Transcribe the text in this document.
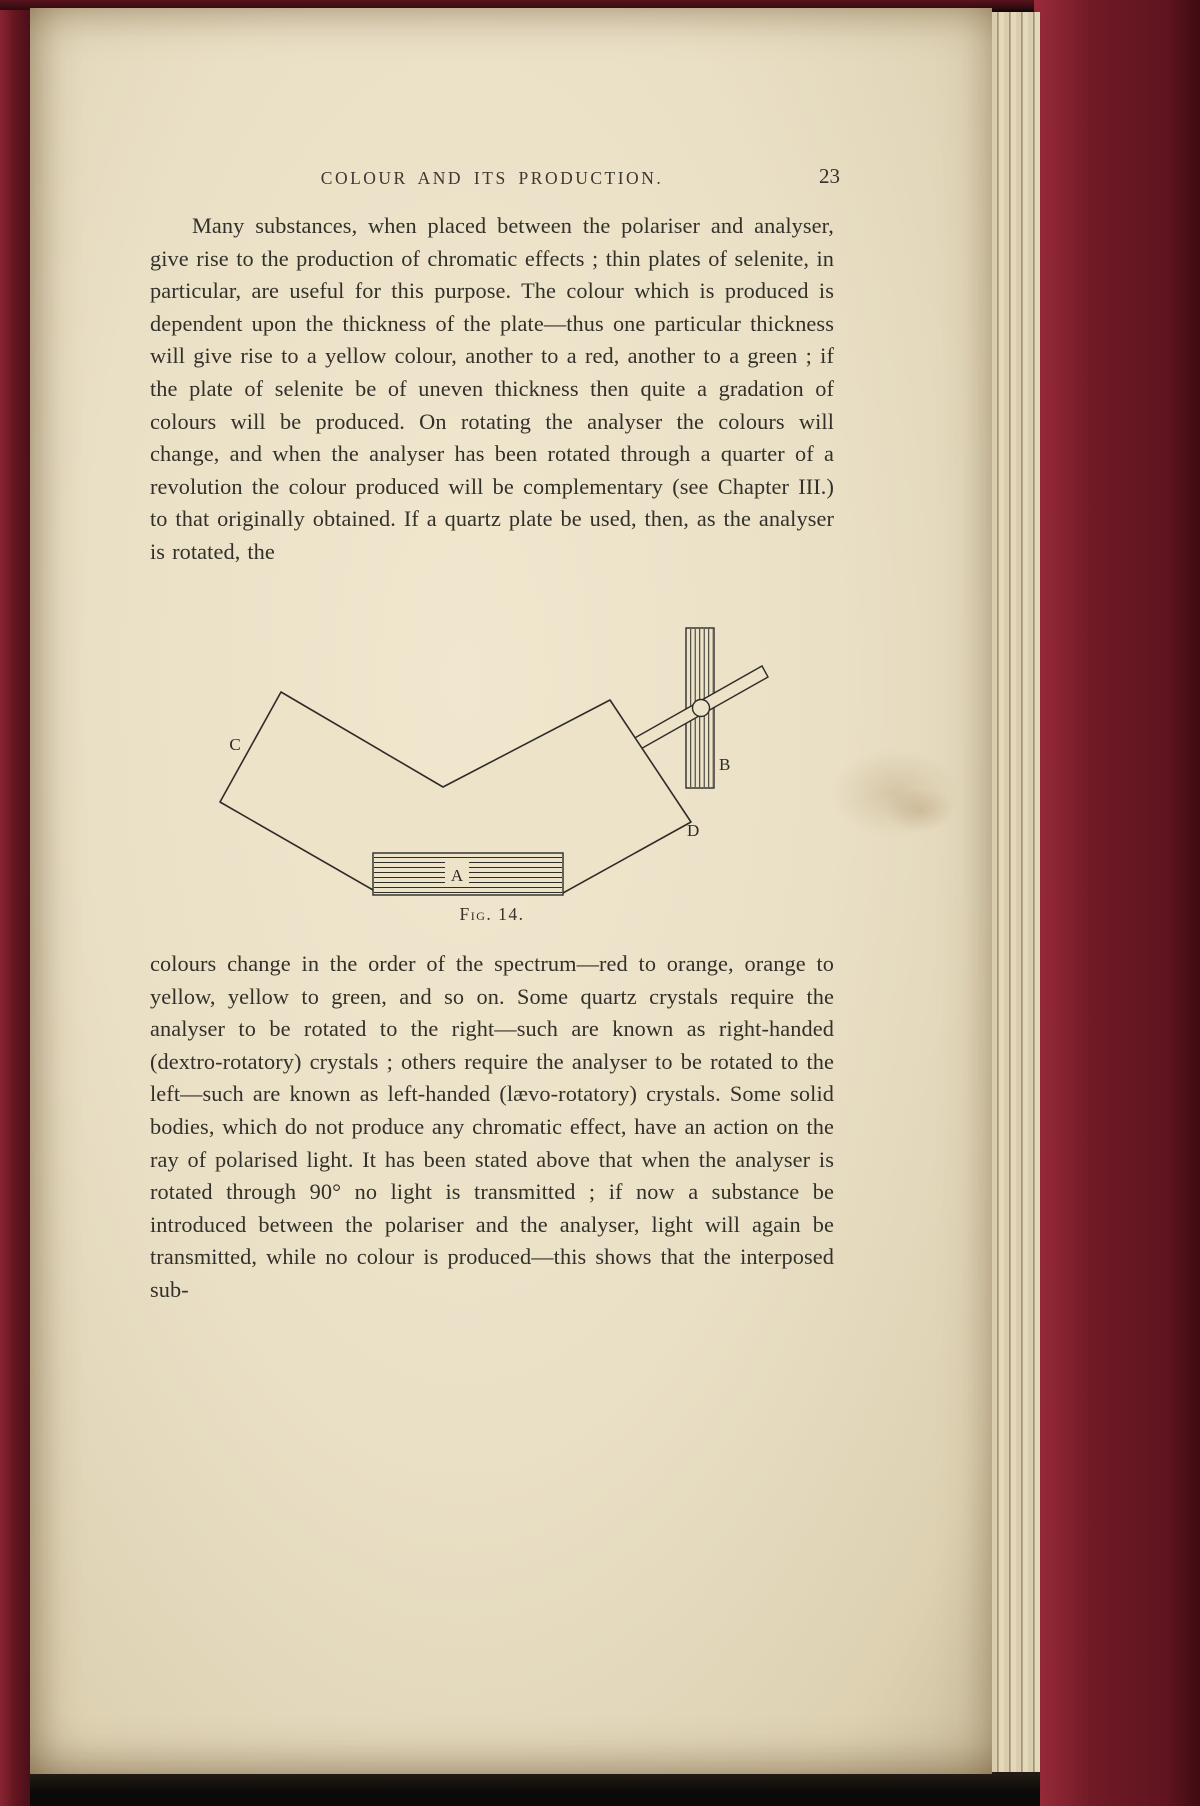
COLOUR AND ITS PRODUCTION.	23
Many substances, when placed between the polariser and analyser, give rise to the production of chromatic effects ; thin plates of selenite, in particular, are useful for this purpose. The colour which is produced is dependent upon the thickness of the plate—thus one particular thickness will give rise to a yellow colour, another to a red, another to a green ; if the plate of selenite be of uneven thickness then quite a gradation of colours will be produced. On rotating the analyser the colours will change, and when the analyser has been rotated through a quarter of a revolution the colour produced will be complementary (see Chapter III.) to that originally obtained. If a quartz plate be used, then, as the analyser is rotated, the
A
B
C
D
Fig. 14.
colours change in the order of the spectrum—red to orange, orange to yellow, yellow to green, and so on. Some quartz crystals require the analyser to be rotated to the right—such are known as right-handed (dextro-rotatory) crystals ; others require the analyser to be rotated to the left—such are known as left-handed (lævo-rotatory) crystals. Some solid bodies, which do not produce any chromatic effect, have an action on the ray of polarised light. It has been stated above that when the analyser is rotated through 90° no light is transmitted ; if now a substance be introduced between the polariser and the analyser, light will again be transmitted, while no colour is produced—this shows that the interposed sub-
